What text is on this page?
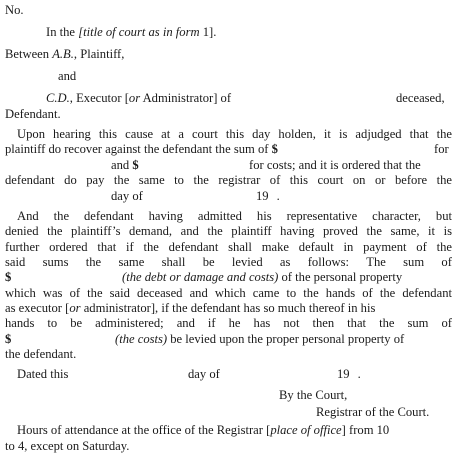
No.
In the [title of court as in form 1].
Between A.B., Plaintiff,
and
C.D., Executor [or Administrator] of	deceased,
Defendant.
Upon hearing this cause at a court this day holden, it is adjudged that the
plaintiff do recover against the defendant the sum of $	for
and $	for costs; and it is ordered that the
defendant do pay the same to the registrar of this court on or before the
day of	19 .
And the defendant having admitted his representative character, but
denied the plaintiff’s demand, and the plaintiff having proved the same, it is
further ordered that if the defendant shall make default in payment of the
said sums the same shall be levied as follows: The sum of
$	(the debt or damage and costs) of the personal property
which was of the said deceased and which came to the hands of the defendant
as executor [or administrator], if the defendant has so much thereof in his
hands to be administered; and if he has not then that the sum of
$	(the costs) be levied upon the proper personal property of
the defendant.
Dated this	day of	19 .
By the Court,
Registrar of the Court.
Hours of attendance at the office of the Registrar [place of office] from 10
to 4, except on Saturday.
